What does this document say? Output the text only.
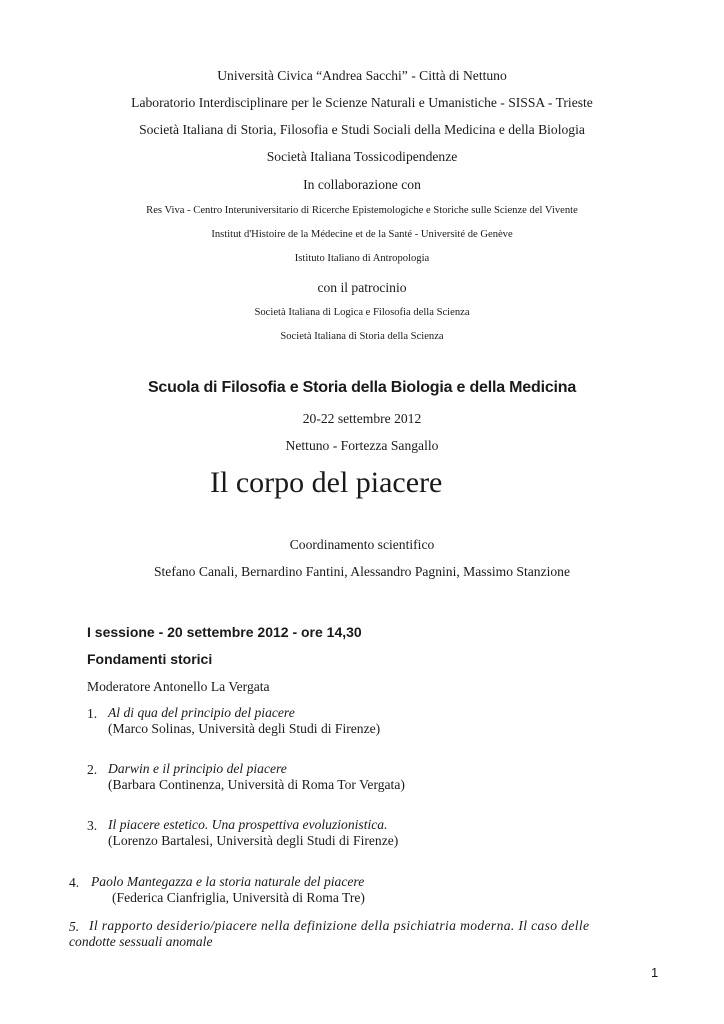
Università Civica “Andrea Sacchi” - Città di Nettuno
Laboratorio Interdisciplinare per le Scienze Naturali e Umanistiche - SISSA - Trieste
Società Italiana di Storia, Filosofia e Studi Sociali della Medicina e della Biologia
Società Italiana Tossicodipendenze
In collaborazione con
Res Viva - Centro Interuniversitario di Ricerche Epistemologiche e Storiche sulle Scienze del Vivente
Institut d'Histoire de la Médecine et de la Santé - Université de Genève
Istituto Italiano di Antropologia
con il patrocinio
Società Italiana di Logica e Filosofia della Scienza
Società Italiana di Storia della Scienza
Scuola di Filosofia e Storia della Biologia e della Medicina
20-22 settembre 2012
Nettuno - Fortezza Sangallo
Il corpo del piacere
Coordinamento scientifico
Stefano Canali, Bernardino Fantini, Alessandro Pagnini, Massimo Stanzione
I sessione - 20 settembre 2012 - ore 14,30
Fondamenti storici
Moderatore Antonello La Vergata
1. Al di qua del principio del piacere
(Marco Solinas, Università degli Studi di Firenze)
2. Darwin e il principio del piacere
(Barbara Continenza, Università di Roma Tor Vergata)
3. Il piacere estetico. Una prospettiva evoluzionistica.
(Lorenzo Bartalesi, Università degli Studi di Firenze)
4. Paolo Mantegazza e la storia naturale del piacere
(Federica Cianfriglia, Università di Roma Tre)
5. Il rapporto desiderio/piacere nella definizione della psichiatria moderna. Il caso delle
condotte sessuali anomale
1
